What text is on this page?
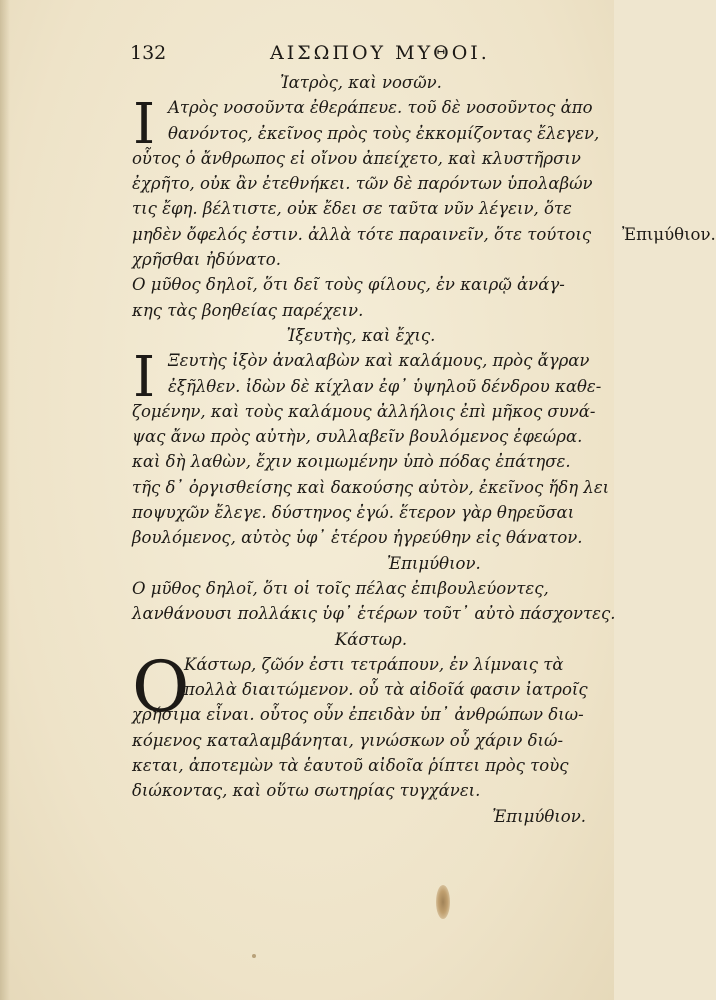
132	ΑΙΣΩΠΟΥ ΜΥΘΟΙ.
Ἰατρὸς, καὶ νοσῶν.
Ι Ατρὸς νοσοῦντα ἐθεράπευε. τοῦ δὲ νοσοῦντος ἀπο
θανόντος, ἐκεῖνος πρὸς τοὺς ἐκκομίζοντας ἔλεγεν,
οὗτος ὁ ἄνθρωπος εἰ οἴνου ἀπείχετο, καὶ κλυστῆρσιν
ἐχρῆτο, οὐκ ἂν ἐτεθνήκει. τῶν δὲ παρόντων ὑπολαβών
τις ἔφη. βέλτιστε, οὐκ ἔδει σε ταῦτα νῦν λέγειν, ὅτε
μηδὲν ὄφελός ἐστιν. ἀλλὰ τότε παραινεῖν, ὅτε τούτοις
χρῆσθαι ἠδύνατο.Ἐπιμύθιον.
Ο μῦθος δηλοῖ, ὅτι δεῖ τοὺς φίλους, ἐν καιρῷ ἀνάγ-
κης τὰς βοηθείας παρέχειν.
Ἰξευτὴς, καὶ ἔχις.
Ι Ξευτὴς ἰξὸν ἀναλαβὼν καὶ καλάμους, πρὸς ἄγραν
ἐξῆλθεν. ἰδὼν δὲ κίχλαν ἐφ᾽ ὑψηλοῦ δένδρου καθε-
ζομένην, καὶ τοὺς καλάμους ἀλλήλοις ἐπὶ μῆκος συνά-
ψας ἄνω πρὸς αὐτὴν, συλλαβεῖν βουλόμενος ἐφεώρα.
καὶ δὴ λαθὼν, ἔχιν κοιμωμένην ὑπὸ πόδας ἐπάτησε.
τῆς δ᾽ ὀργισθείσης καὶ δακούσης αὐτὸν, ἐκεῖνος ἤδη λει
ποψυχῶν ἔλεγε. δύστηνος ἐγώ. ἕτερον γὰρ θηρεῦσαι
βουλόμενος, αὐτὸς ὑφ᾽ ἑτέρου ἠγρεύθην εἰς θάνατον.
Ἐπιμύθιον.
Ο μῦθος δηλοῖ, ὅτι οἱ τοῖς πέλας ἐπιβουλεύοντες,
λανθάνουσι πολλάκις ὑφ᾽ ἑτέρων τοῦτ᾽ αὐτὸ πάσχοντες.
Κάστωρ.
Ο
Κάστωρ, ζῶόν ἐστι τετράπουν, ἐν λίμναις τὰ
πολλὰ διαιτώμενον. οὗ τὰ αἰδοῖά φασιν ἰατροῖς
χρήσιμα εἶναι. οὗτος οὖν ἐπειδὰν ὑπ᾽ ἀνθρώπων διω-
κόμενος καταλαμβάνηται, γινώσκων οὗ χάριν διώ-
κεται, ἀποτεμὼν τὰ ἑαυτοῦ αἰδοῖα ῥίπτει πρὸς τοὺς
διώκοντας, καὶ οὕτω σωτηρίας τυγχάνει.
Ἐπιμύθιον.
